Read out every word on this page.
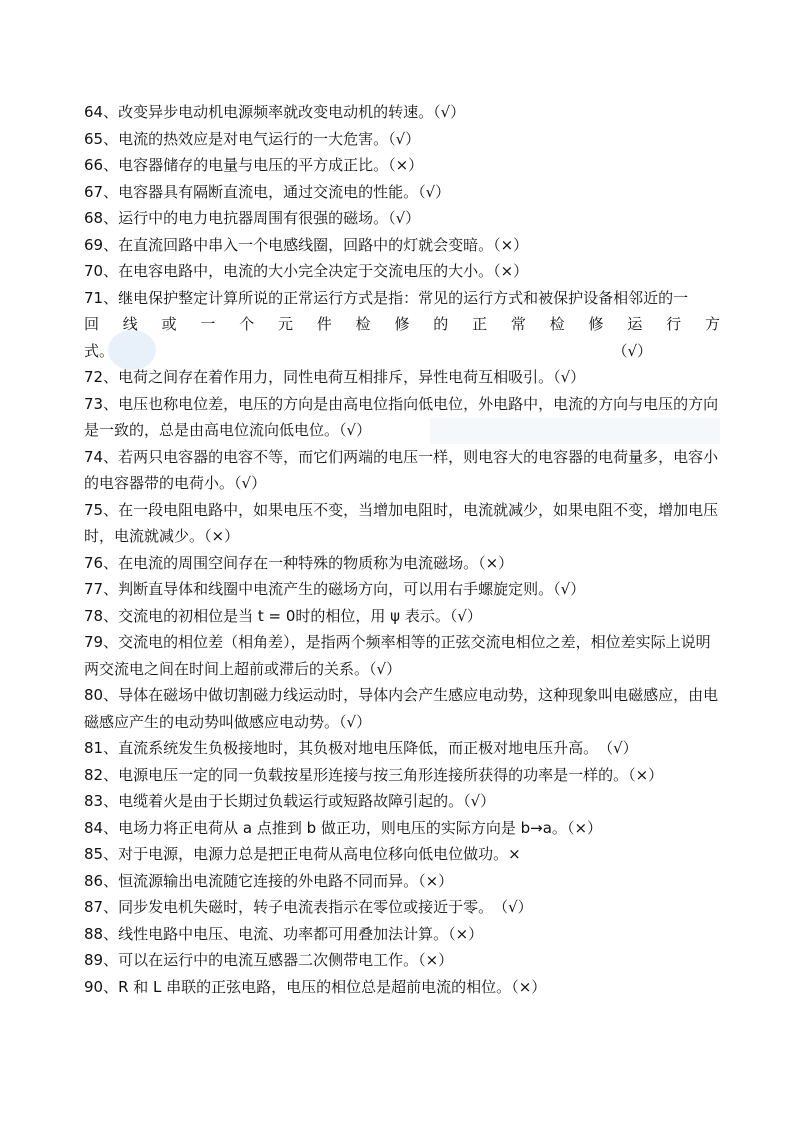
64、改变异步电动机电源频率就改变电动机的转速。（√）

65、电流的热效应是对电气运行的一大危害。（√）

66、电容器储存的电量与电压的平方成正比。（×）

67、电容器具有隔断直流电，通过交流电的性能。（√）

68、运行中的电力电抗器周围有很强的磁场。（√）

69、在直流回路中串入一个电感线圈，回路中的灯就会变暗。（×）

70、在电容电路中，电流的大小完全决定于交流电压的大小。（×）

71、继电保护整定计算所说的正常运行方式是指：常见的运行方式和被保护设备相邻近的一

回线或一个元件检修的正常检修运行方

式。	（√）

72、电荷之间存在着作用力，同性电荷互相排斥，异性电荷互相吸引。（√）

73、电压也称电位差，电压的方向是由高电位指向低电位，外电路中，电流的方向与电压的方向是一致的，总是由高电位流向低电位。（√）

74、若两只电容器的电容不等，而它们两端的电压一样，则电容大的电容器的电荷量多，电容小的电容器带的电荷小。（√）

75、在一段电阻电路中，如果电压不变，当增加电阻时，电流就减少，如果电阻不变，增加电压时，电流就减少。（×）

76、在电流的周围空间存在一种特殊的物质称为电流磁场。（×）

77、判断直导体和线圈中电流产生的磁场方向，可以用右手螺旋定则。（√）

78、交流电的初相位是当 t = 0时的相位，用 ψ 表示。（√）

79、交流电的相位差（相角差），是指两个频率相等的正弦交流电相位之差，相位差实际上说明两交流电之间在时间上超前或滞后的关系。（√）

80、导体在磁场中做切割磁力线运动时，导体内会产生感应电动势，这种现象叫电磁感应，由电磁感应产生的电动势叫做感应电动势。（√）

81、直流系统发生负极接地时，其负极对地电压降低，而正极对地电压升高。　（√）

82、电源电压一定的同一负载按星形连接与按三角形连接所获得的功率是一样的。（×）

83、电缆着火是由于长期过负载运行或短路故障引起的。（√）

84、电场力将正电荷从 a 点推到 b 做正功，则电压的实际方向是 b→a。（×）

85、对于电源，电源力总是把正电荷从高电位移向低电位做功。×

86、恒流源输出电流随它连接的外电路不同而异。（×）

87、同步发电机失磁时，转子电流表指示在零位或接近于零。　（√）

88、线性电路中电压、电流、功率都可用叠加法计算。（×）

89、可以在运行中的电流互感器二次侧带电工作。（×）

90、R 和 L 串联的正弦电路，电压的相位总是超前电流的相位。（×）
